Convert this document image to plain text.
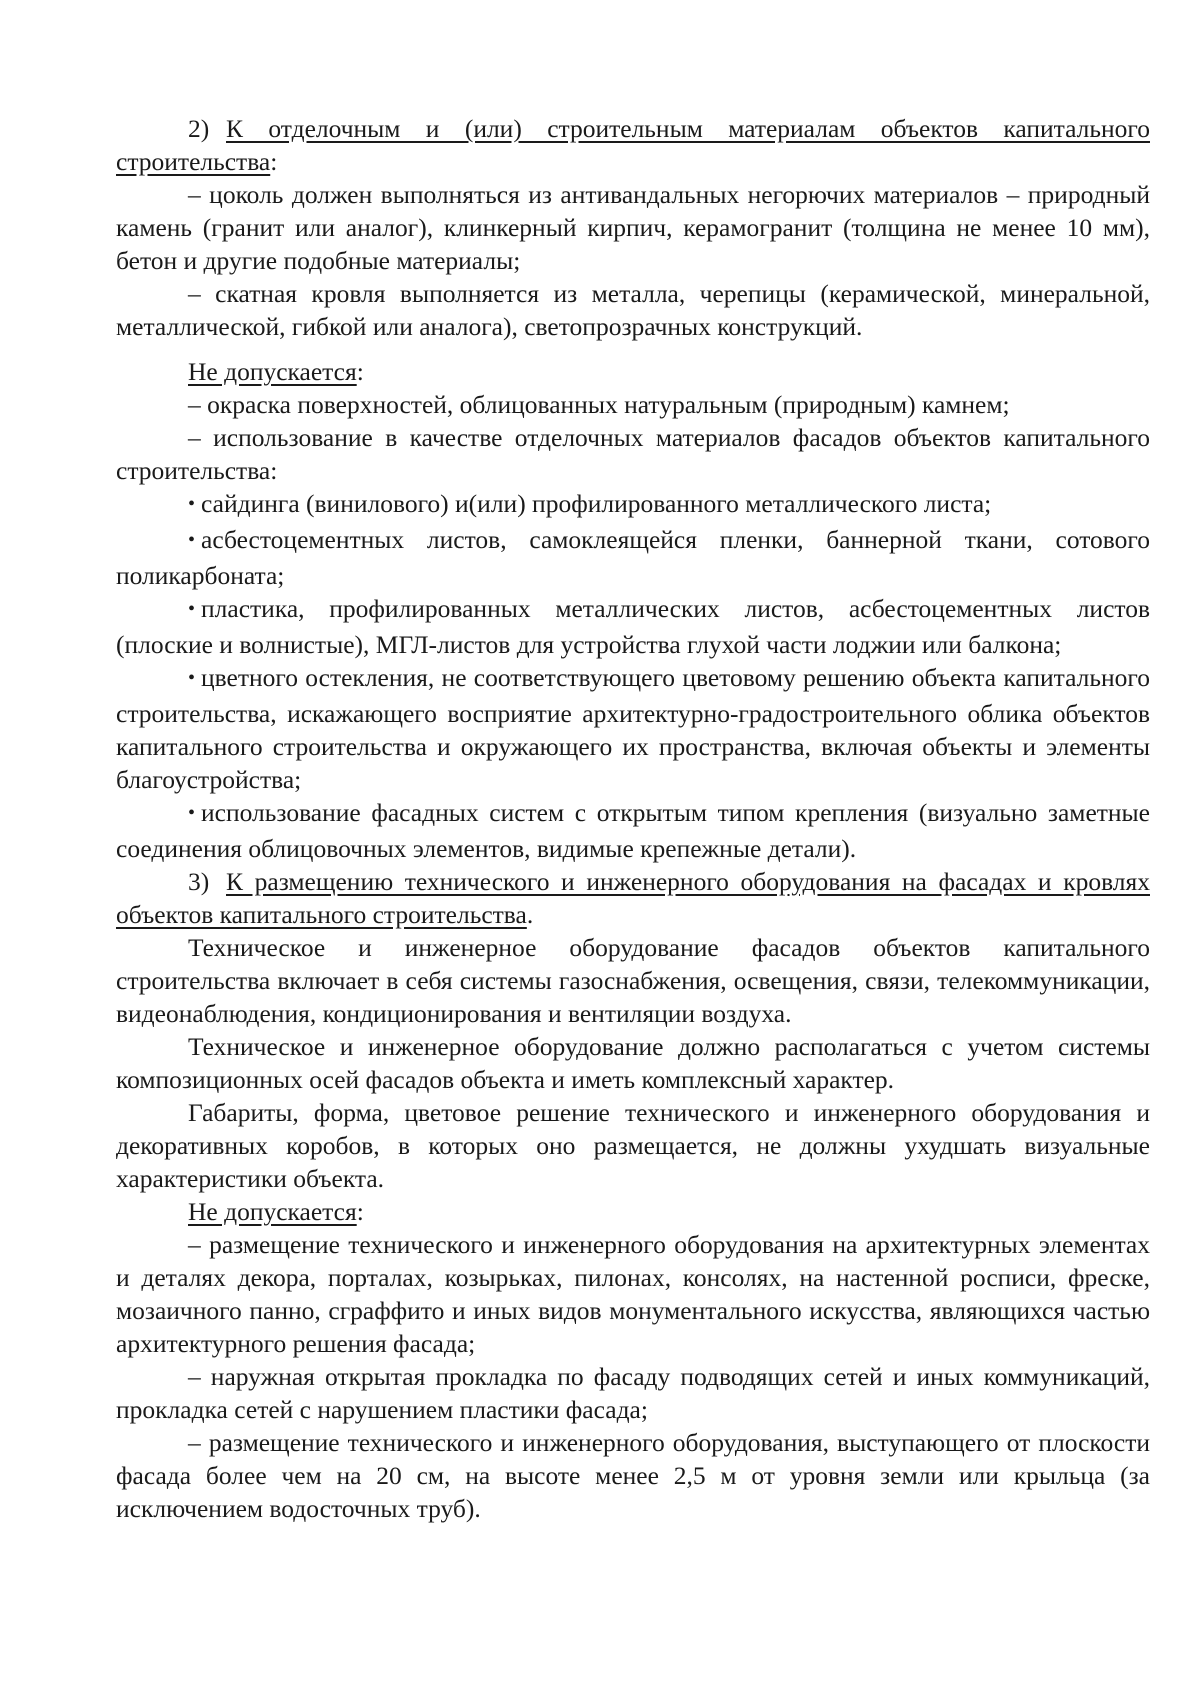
2) К отделочным и (или) строительным материалам объектов капитального строительства:

– цоколь должен выполняться из антивандальных негорючих материалов – природный камень (гранит или аналог), клинкерный кирпич, керамогранит (толщина не менее 10 мм), бетон и другие подобные материалы;

– скатная кровля выполняется из металла, черепицы (керамической, минеральной, металлической, гибкой или аналога), светопрозрачных конструкций.

Не допускается:

– окраска поверхностей, облицованных натуральным (природным) камнем;

– использование в качестве отделочных материалов фасадов объектов капитального строительства:

• сайдинга (винилового) и(или) профилированного металлического листа;

• асбестоцементных листов, самоклеящейся пленки, баннерной ткани, сотового поликарбоната;

• пластика, профилированных металлических листов, асбестоцементных листов (плоские и волнистые), МГЛ-листов для устройства глухой части лоджии или балкона;

• цветного остекления, не соответствующего цветовому решению объекта капитального строительства, искажающего восприятие архитектурно-градостроительного облика объектов капитального строительства и окружающего их пространства, включая объекты и элементы благоустройства;

• использование фасадных систем с открытым типом крепления (визуально заметные соединения облицовочных элементов, видимые крепежные детали).

3) К размещению технического и инженерного оборудования на фасадах и кровлях объектов капитального строительства.

Техническое и инженерное оборудование фасадов объектов капитального строительства включает в себя системы газоснабжения, освещения, связи, телекоммуникации, видеонаблюдения, кондиционирования и вентиляции воздуха.

Техническое и инженерное оборудование должно располагаться с учетом системы композиционных осей фасадов объекта и иметь комплексный характер.

Габариты, форма, цветовое решение технического и инженерного оборудования и декоративных коробов, в которых оно размещается, не должны ухудшать визуальные характеристики объекта.

Не допускается:

– размещение технического и инженерного оборудования на архитектурных элементах и деталях декора, порталах, козырьках, пилонах, консолях, на настенной росписи, фреске, мозаичного панно, сграффито и иных видов монументального искусства, являющихся частью архитектурного решения фасада;

– наружная открытая прокладка по фасаду подводящих сетей и иных коммуникаций, прокладка сетей с нарушением пластики фасада;

– размещение технического и инженерного оборудования, выступающего от плоскости фасада более чем на 20 см, на высоте менее 2,5 м от уровня земли или крыльца (за исключением водосточных труб).
